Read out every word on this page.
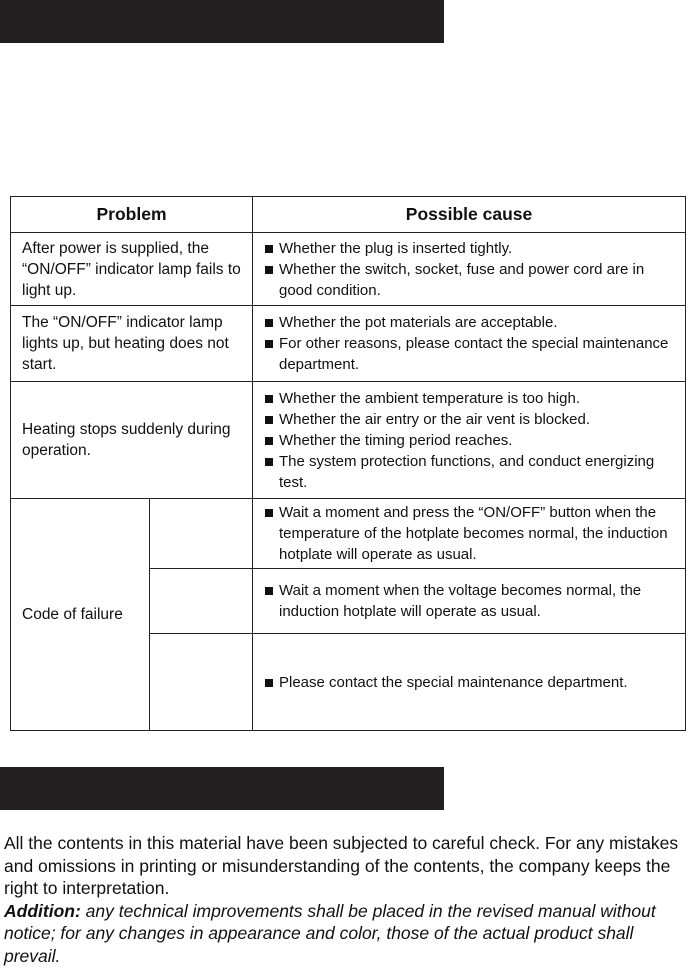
Problem		Possible cause
After power is supplied, the “ON/OFF” indicator lamp fails to light up.		Whether the plug is inserted tightly.
Whether the switch, socket, fuse and power cord are in good condition.

The “ON/OFF” indicator lamp lights up, but heating does not start.		Whether the pot materials are acceptable.
For other reasons, please contact the special maintenance department.

Heating stops suddenly during operation.		Whether the ambient temperature is too high.
Whether the air entry or the air vent is blocked.
Whether the timing period reaches.
The system protection functions, and conduct energizing test.

Code of failure		Wait a moment and press the “ON/OFF” button when the temperature of the hotplate becomes normal, the induction hotplate will operate as usual.

		Wait a moment when the voltage becomes normal, the induction hotplate will operate as usual.

		Please contact the special maintenance department.

All the contents in this material have been subjected to careful check. For any mistakes and omissions in printing or misunderstanding of the contents, the company keeps the right to interpretation.

Addition: any technical improvements shall be placed in the revised manual without notice; for any changes in appearance and color, those of the actual product shall prevail.
